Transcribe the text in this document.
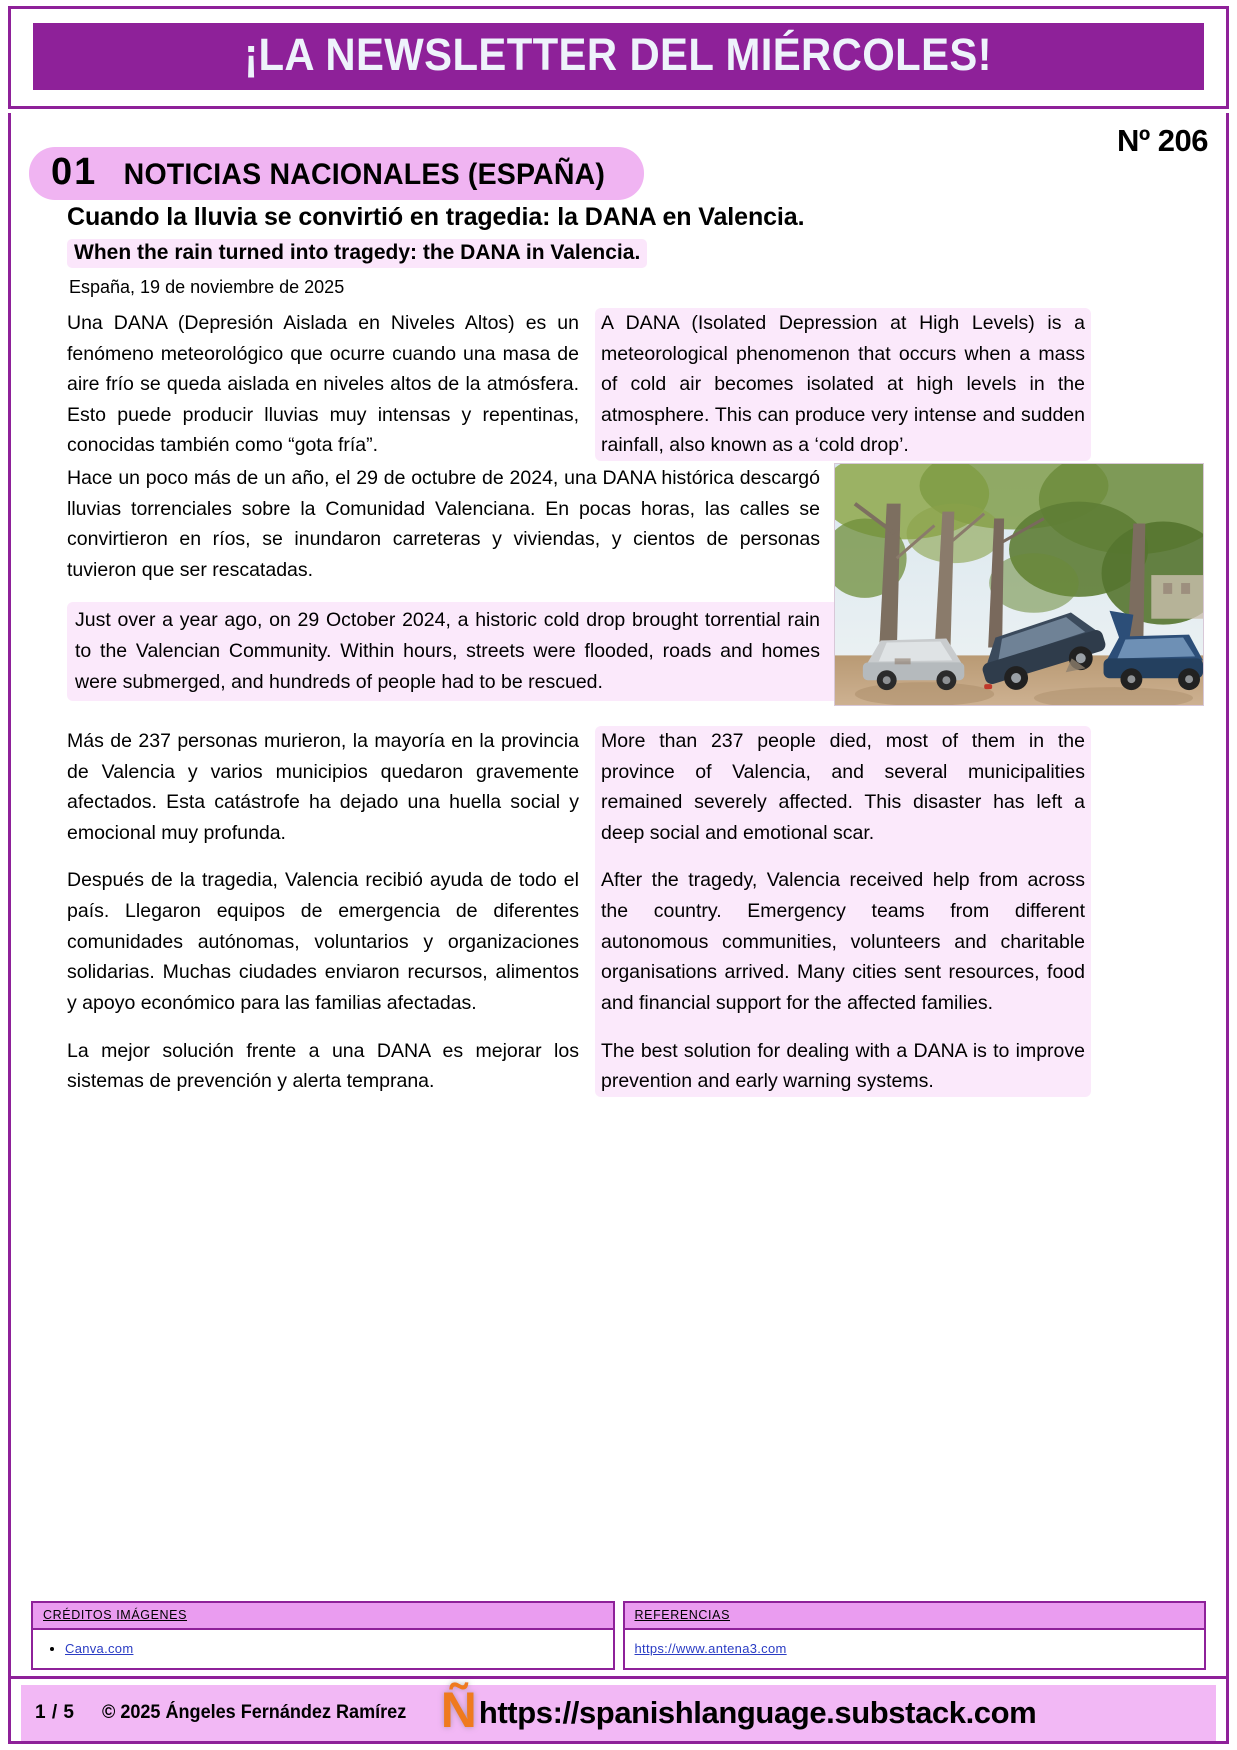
¡LA NEWSLETTER DEL MIÉRCOLES!
Nº 206
01 NOTICIAS NACIONALES (ESPAÑA)
Cuando la lluvia se convirtió en tragedia: la DANA en Valencia.
When the rain turned into tragedy: the DANA in Valencia.
España, 19 de noviembre de 2025

Una DANA (Depresión Aislada en Niveles Altos) es un fenómeno meteorológico que ocurre cuando una masa de aire frío se queda aislada en niveles altos de la atmósfera. Esto puede producir lluvias muy intensas y repentinas, conocidas también como “gota fría”.

A DANA (Isolated Depression at High Levels) is a meteorological phenomenon that occurs when a mass of cold air becomes isolated at high levels in the atmosphere. This can produce very intense and sudden rainfall, also known as a ‘cold drop’.

Hace un poco más de un año, el 29 de octubre de 2024, una DANA histórica descargó lluvias torrenciales sobre la Comunidad Valenciana. En pocas horas, las calles se convirtieron en ríos, se inundaron carreteras y viviendas, y cientos de personas tuvieron que ser rescatadas.

Just over a year ago, on 29 October 2024, a historic cold drop brought torrential rain to the Valencian Community. Within hours, streets were flooded, roads and homes were submerged, and hundreds of people had to be rescued.

Más de 237 personas murieron, la mayoría en la provincia de Valencia y varios municipios quedaron gravemente afectados. Esta catástrofe ha dejado una huella social y emocional muy profunda.

Después de la tragedia, Valencia recibió ayuda de todo el país. Llegaron equipos de emergencia de diferentes comunidades autónomas, voluntarios y organizaciones solidarias. Muchas ciudades enviaron recursos, alimentos y apoyo económico para las familias afectadas.

La mejor solución frente a una DANA es mejorar los sistemas de prevención y alerta temprana.

More than 237 people died, most of them in the province of Valencia, and several municipalities remained severely affected. This disaster has left a deep social and emotional scar.

After the tragedy, Valencia received help from across the country. Emergency teams from different autonomous communities, volunteers and charitable organisations arrived. Many cities sent resources, food and financial support for the affected families.

The best solution for dealing with a DANA is to improve prevention and early warning systems.

CRÉDITOS IMÁGENES
• Canva.com
REFERENCIAS
https://www.antena3.com
1 / 5 © 2025 Ángeles Fernández Ramírez Ñ https://spanishlanguage.substack.com
